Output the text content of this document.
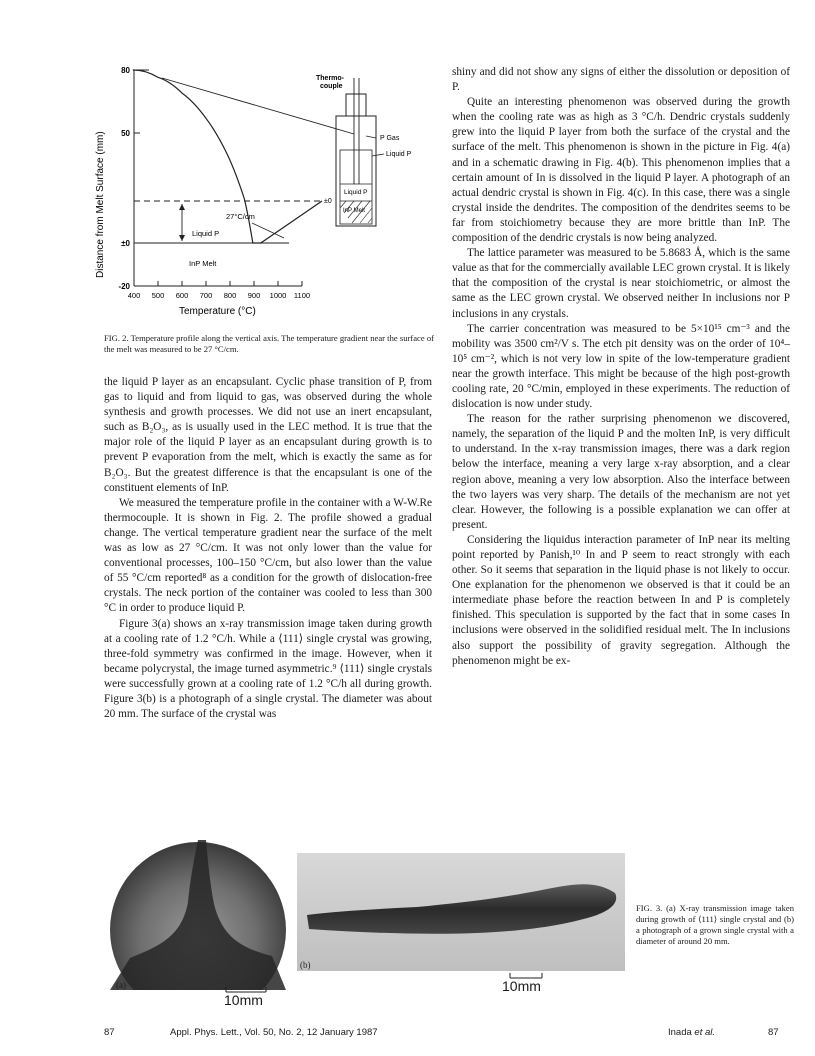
80
50
±0
-20
400 500 600 700 800 900 1000 1100
Thermo-
couple
P Gas
Liquid P
Liquid P
±0
InP Melt
27°C/cm
Liquid P
InP Melt
Temperature (°C)
Distance from Melt Surface (mm)
FIG. 2. Temperature profile along the vertical axis. The temperature gradient near the surface of the melt was measured to be 27 °C/cm.

the liquid P layer as an encapsulant. Cyclic phase transition of P, from gas to liquid and from liquid to gas, was observed during the whole synthesis and growth processes. We did not use an inert encapsulant, such as B₂O₃, as is usually used in the LEC method. It is true that the major role of the liquid P layer as an encapsulant during growth is to prevent P evaporation from the melt, which is exactly the same as for B₂O₃. But the greatest difference is that the encapsulant is one of the constituent elements of InP.

We measured the temperature profile in the container with a W-W.Re thermocouple. It is shown in Fig. 2. The profile showed a gradual change. The vertical temperature gradient near the surface of the melt was as low as 27 °C/cm. It was not only lower than the value for conventional processes, 100–150 °C/cm, but also lower than the value of 55 °C/cm reported⁸ as a condition for the growth of dislocation-free crystals. The neck portion of the container was cooled to less than 300 °C in order to produce liquid P.

Figure 3(a) shows an x-ray transmission image taken during growth at a cooling rate of 1.2 °C/h. While a ⟨111⟩ single crystal was growing, three-fold symmetry was confirmed in the image. However, when it became polycrystal, the image turned asymmetric.⁹ ⟨111⟩ single crystals were successfully grown at a cooling rate of 1.2 °C/h all during growth. Figure 3(b) is a photograph of a single crystal. The diameter was about 20 mm. The surface of the crystal was

shiny and did not show any signs of either the dissolution or deposition of P.

Quite an interesting phenomenon was observed during the growth when the cooling rate was as high as 3 °C/h. Dendric crystals suddenly grew into the liquid P layer from both the surface of the crystal and the surface of the melt. This phenomenon is shown in the picture in Fig. 4(a) and in a schematic drawing in Fig. 4(b). This phenomenon implies that a certain amount of In is dissolved in the liquid P layer. A photograph of an actual dendric crystal is shown in Fig. 4(c). In this case, there was a single crystal inside the dendrites. The composition of the dendrites seems to be far from stoichiometry because they are more brittle than InP. The composition of the dendric crystals is now being analyzed.

The lattice parameter was measured to be 5.8683 Å, which is the same value as that for the commercially available LEC grown crystal. It is likely that the composition of the crystal is near stoichiometric, or almost the same as the LEC grown crystal. We observed neither In inclusions nor P inclusions in any crystals.

The carrier concentration was measured to be 5×10¹⁵ cm⁻³ and the mobility was 3500 cm²/V s. The etch pit density was on the order of 10⁴–10⁵ cm⁻², which is not very low in spite of the low-temperature gradient near the growth interface. This might be because of the high post-growth cooling rate, 20 °C/min, employed in these experiments. The reduction of dislocation is now under study.

The reason for the rather surprising phenomenon we discovered, namely, the separation of the liquid P and the molten InP, is very difficult to understand. In the x-ray transmission images, there was a dark region below the interface, meaning a very large x-ray absorption, and a clear region above, meaning a very low absorption. Also the interface between the two layers was very sharp. The details of the mechanism are not yet clear. However, the following is a possible explanation we can offer at present.

Considering the liquidus interaction parameter of InP near its melting point reported by Panish,¹⁰ In and P seem to react strongly with each other. So it seems that separation in the liquid phase is not likely to occur. One explanation for the phenomenon we observed is that it could be an intermediate phase before the reaction between In and P is completely finished. This speculation is supported by the fact that in some cases In inclusions were observed in the solidified residual melt. The In inclusions also support the possibility of gravity segregation. Although the phenomenon might be ex-

(a)
10mm
(b)
10mm
FIG. 3. (a) X-ray transmission image taken during growth of ⟨111⟩ single crystal and (b) a photograph of a grown single crystal with a diameter of around 20 mm.
87	Appl. Phys. Lett., Vol. 50, No. 2, 12 January 1987	Inada et al.	87
